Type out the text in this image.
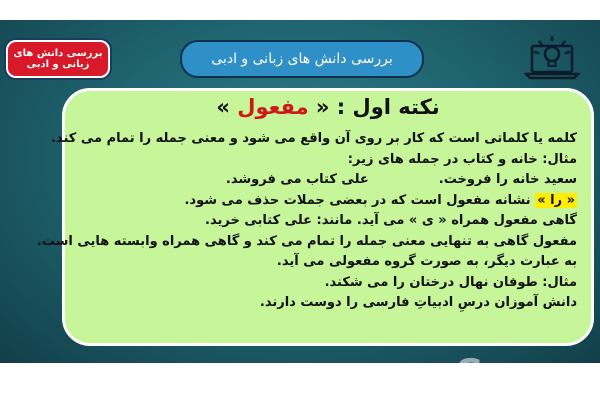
بررسی دانش های زبانی و ادبی	بررسی دانش های زبانی و ادبی
نکته اول : « مفعول »
کلمه یا کلماتی است که کار بر روی آن واقع می شود و معنی جمله را تمام می کند.
مثال: خانه و کتاب در جمله های زیر:
سعید خانه را فروخت.علی کتاب می فروشد.
« را » نشانه مفعول است که در بعضی جملات حذف می شود.
گاهی مفعول همراه « ی » می آید. مانند: علی کتابی خرید.
مفعول گاهی به تنهایی معنی جمله را تمام می کند و گاهی همراه وابسته هایی است.
به عبارت دیگر، به صورت گروه مفعولی می آید.
مثال: طوفان نهال درختان را می شکند.
دانش آموزان درسِ ادبیاتِ فارسی را دوست دارند.
Gama
